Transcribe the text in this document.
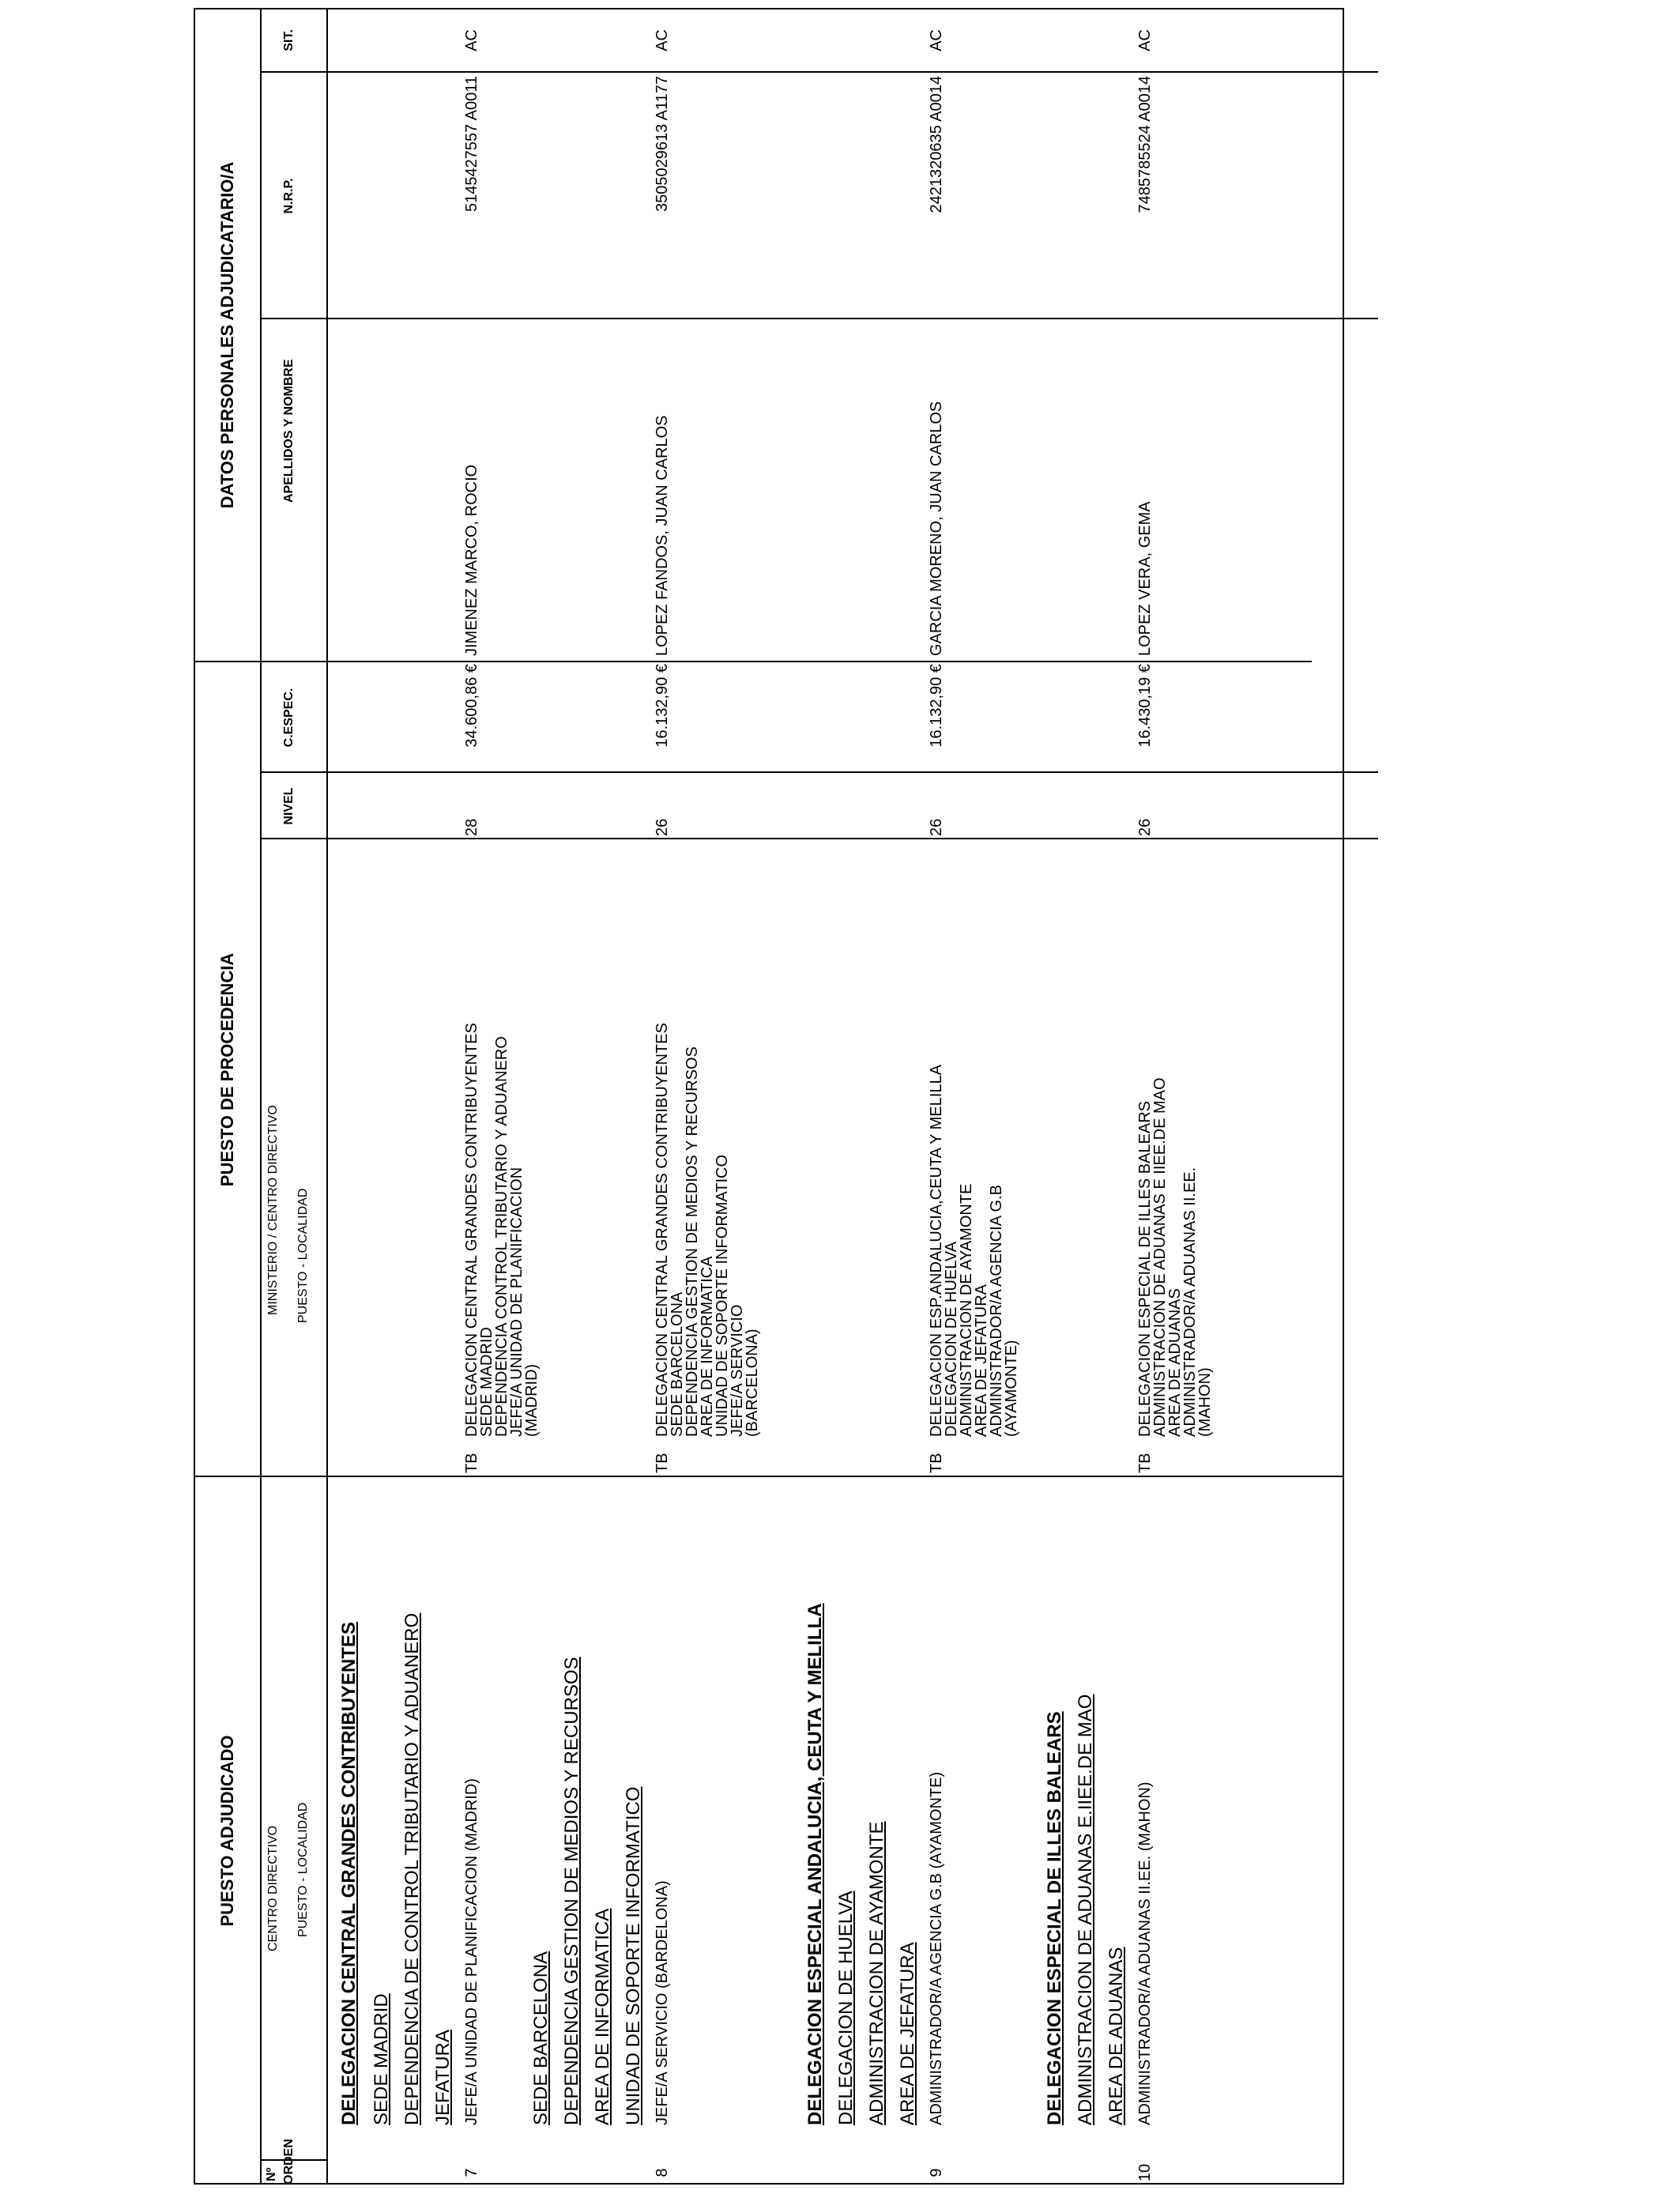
PUESTO ADJUDICADO
PUESTO DE PROCEDENCIA
DATOS PERSONALES ADJUDICATARIO/A
Nº ORDEN
CENTRO DIRECTIVO PUESTO - LOCALIDAD
MINISTERIO / CENTRO DIRECTIVO PUESTO - LOCALIDAD
NIVEL
C.ESPEC.
APELLIDOS Y NOMBRE
N.R.P.
SIT.
DELEGACION CENTRAL GRANDES CONTRIBUYENTES SEDE MADRID DEPENDENCIA DE CONTROL TRIBUTARIO Y ADUANERO JEFATURA
7
JEFE/A UNIDAD DE PLANIFICACION (MADRID)
TB
DELEGACION CENTRAL GRANDES CONTRIBUYENTES
SEDE MADRID
DEPENDENCIA CONTROL TRIBUTARIO Y ADUANERO
JEFE/A UNIDAD DE PLANIFICACION
(MADRID)
28
34.600,86 €
JIMENEZ MARCO, ROCIO
5145427557 A0011
AC
SEDE BARCELONA DEPENDENCIA GESTION DE MEDIOS Y RECURSOS AREA DE INFORMATICA UNIDAD DE SOPORTE INFORMATICO
8
JEFE/A SERVICIO (BARDELONA)
TB
DELEGACION CENTRAL GRANDES CONTRIBUYENTES
SEDE BARCELONA
DEPENDENCIA GESTION DE MEDIOS Y RECURSOS
AREA DE INFORMATICA
UNIDAD DE SOPORTE INFORMATICO
JEFE/A SERVICIO
(BARCELONA)
26
16.132,90 €
LOPEZ FANDOS, JUAN CARLOS
3505029613 A1177
AC
DELEGACION ESPECIAL ANDALUCIA, CEUTA Y MELILLA DELEGACION DE HUELVA ADMINISTRACION DE AYAMONTE AREA DE JEFATURA
9
ADMINISTRADOR/A AGENCIA G.B (AYAMONTE)
TB
DELEGACION ESP.ANDALUCIA,CEUTA Y MELILLA
DELEGACION DE HUELVA
ADMINISTRACION DE AYAMONTE
AREA DE JEFATURA
ADMINISTRADOR/A AGENCIA G.B
(AYAMONTE)
26
16.132,90 €
GARCIA MORENO, JUAN CARLOS
2421320635 A0014
AC
DELEGACION ESPECIAL DE ILLES BALEARS ADMINISTRACION DE ADUANAS E.IIEE.DE MAO AREA DE ADUANAS
10
ADMINISTRADOR/A ADUANAS II.EE. (MAHON)
TB
DELEGACION ESPECIAL DE ILLES BALEARS
ADMINISTRACION DE ADUANAS E IIEE.DE MAO
AREA DE ADUANAS
ADMINISTRADOR/A ADUANAS II.EE.
(MAHON)
26
16.430,19 €
LOPEZ VERA, GEMA
7485785524 A0014
AC
